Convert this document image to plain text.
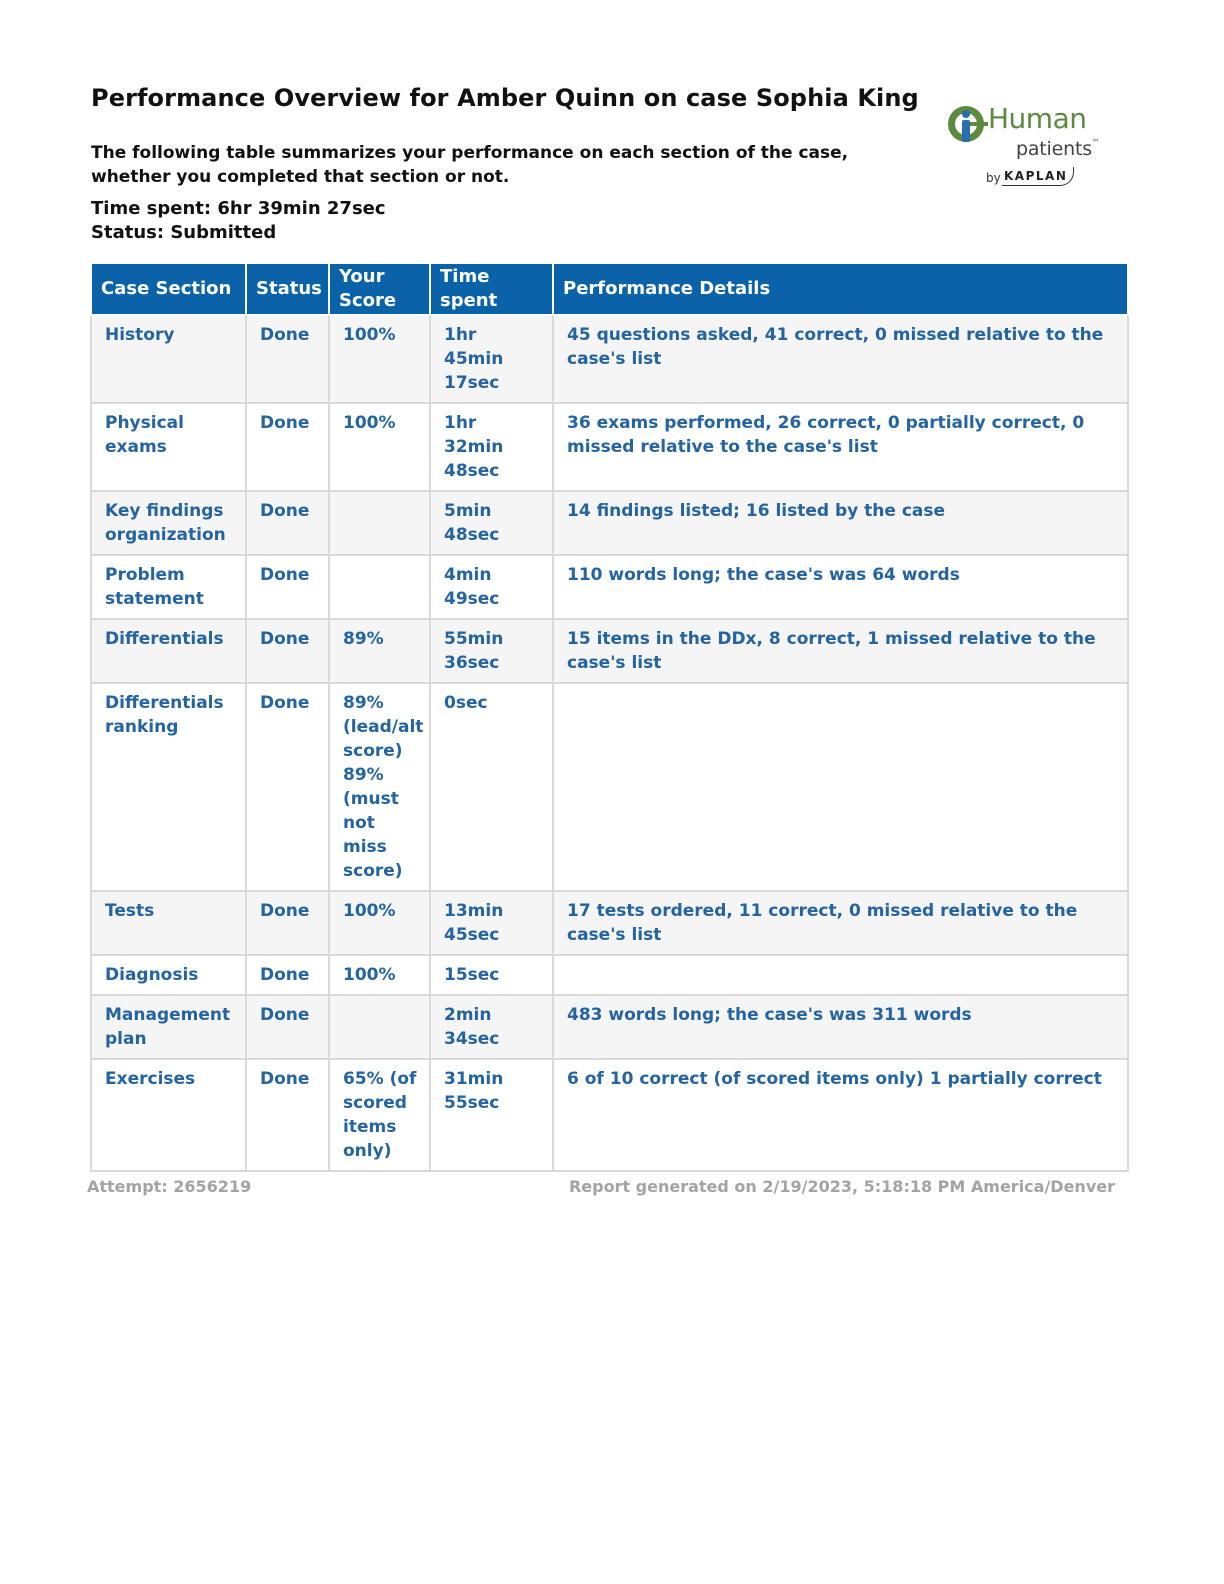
Performance Overview for Amber Quinn on case Sophia King
The following table summarizes your performance on each section of the case, whether you completed that section or not.
Time spent: 6hr 39min 27sec
Status: Submitted
Human
patients™
by KAPLAN
Case Section	Status	Your Score	Time spent	Performance Details
History	Done	100%	1hr 45min 17sec	45 questions asked, 41 correct, 0 missed relative to the case's list
Physical exams	Done	100%	1hr 32min 48sec	36 exams performed, 26 correct, 0 partially correct, 0 missed relative to the case's list
Key findings organization	Done		5min 48sec	14 findings listed; 16 listed by the case
Problem statement	Done		4min 49sec	110 words long; the case's was 64 words
Differentials	Done	89%	55min 36sec	15 items in the DDx, 8 correct, 1 missed relative to the case's list
Differentials ranking	Done	89% (lead/alt score) 89% (must not miss score)	0sec	
Tests	Done	100%	13min 45sec	17 tests ordered, 11 correct, 0 missed relative to the case's list
Diagnosis	Done	100%	15sec	
Management plan	Done		2min 34sec	483 words long; the case's was 311 words
Exercises	Done	65% (of scored items only)	31min 55sec	6 of 10 correct (of scored items only) 1 partially correct
Attempt: 2656219	Report generated on 2/19/2023, 5:18:18 PM America/Denver
